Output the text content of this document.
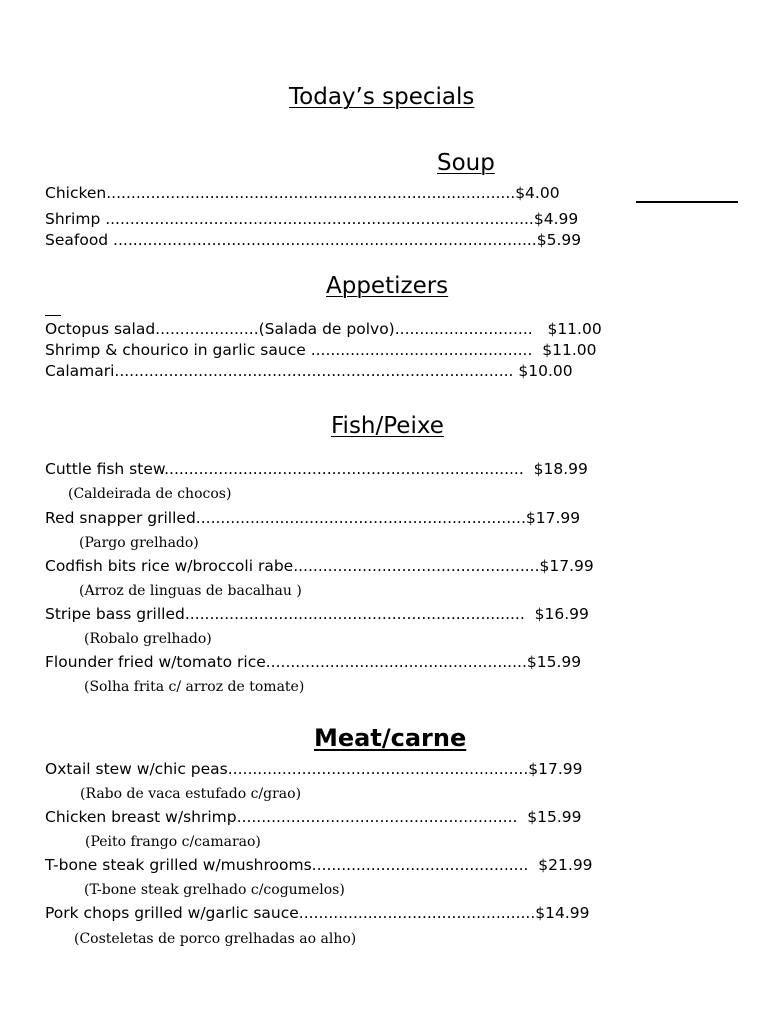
Today’s specials
Soup
Chicken...................................................................................$4.00
Shrimp .......................................................................................$4.99
Seafood ......................................................................................$5.99
Appetizers
Octopus salad.....................(Salada de polvo)............................   $11.00
Shrimp & chourico in garlic sauce .............................................  $11.00
Calamari................................................................................. $10.00
Fish/Peixe
Cuttle fish stew.........................................................................  $18.99
(Caldeirada de chocos)
Red snapper grilled...................................................................$17.99
(Pargo grelhado)
Codfish bits rice w/broccoli rabe..................................................$17.99
(Arroz de linguas de bacalhau )
Stripe bass grilled.....................................................................  $16.99
(Robalo grelhado)
Flounder fried w/tomato rice.....................................................$15.99
(Solha frita c/ arroz de tomate)
Meat/carne
Oxtail stew w/chic peas.............................................................$17.99
(Rabo de vaca estufado c/grao)
Chicken breast w/shrimp.........................................................  $15.99
(Peito frango c/camarao)
T-bone steak grilled w/mushrooms............................................  $21.99
(T-bone steak grelhado c/cogumelos)
Pork chops grilled w/garlic sauce................................................$14.99
(Costeletas de porco grelhadas ao alho)
